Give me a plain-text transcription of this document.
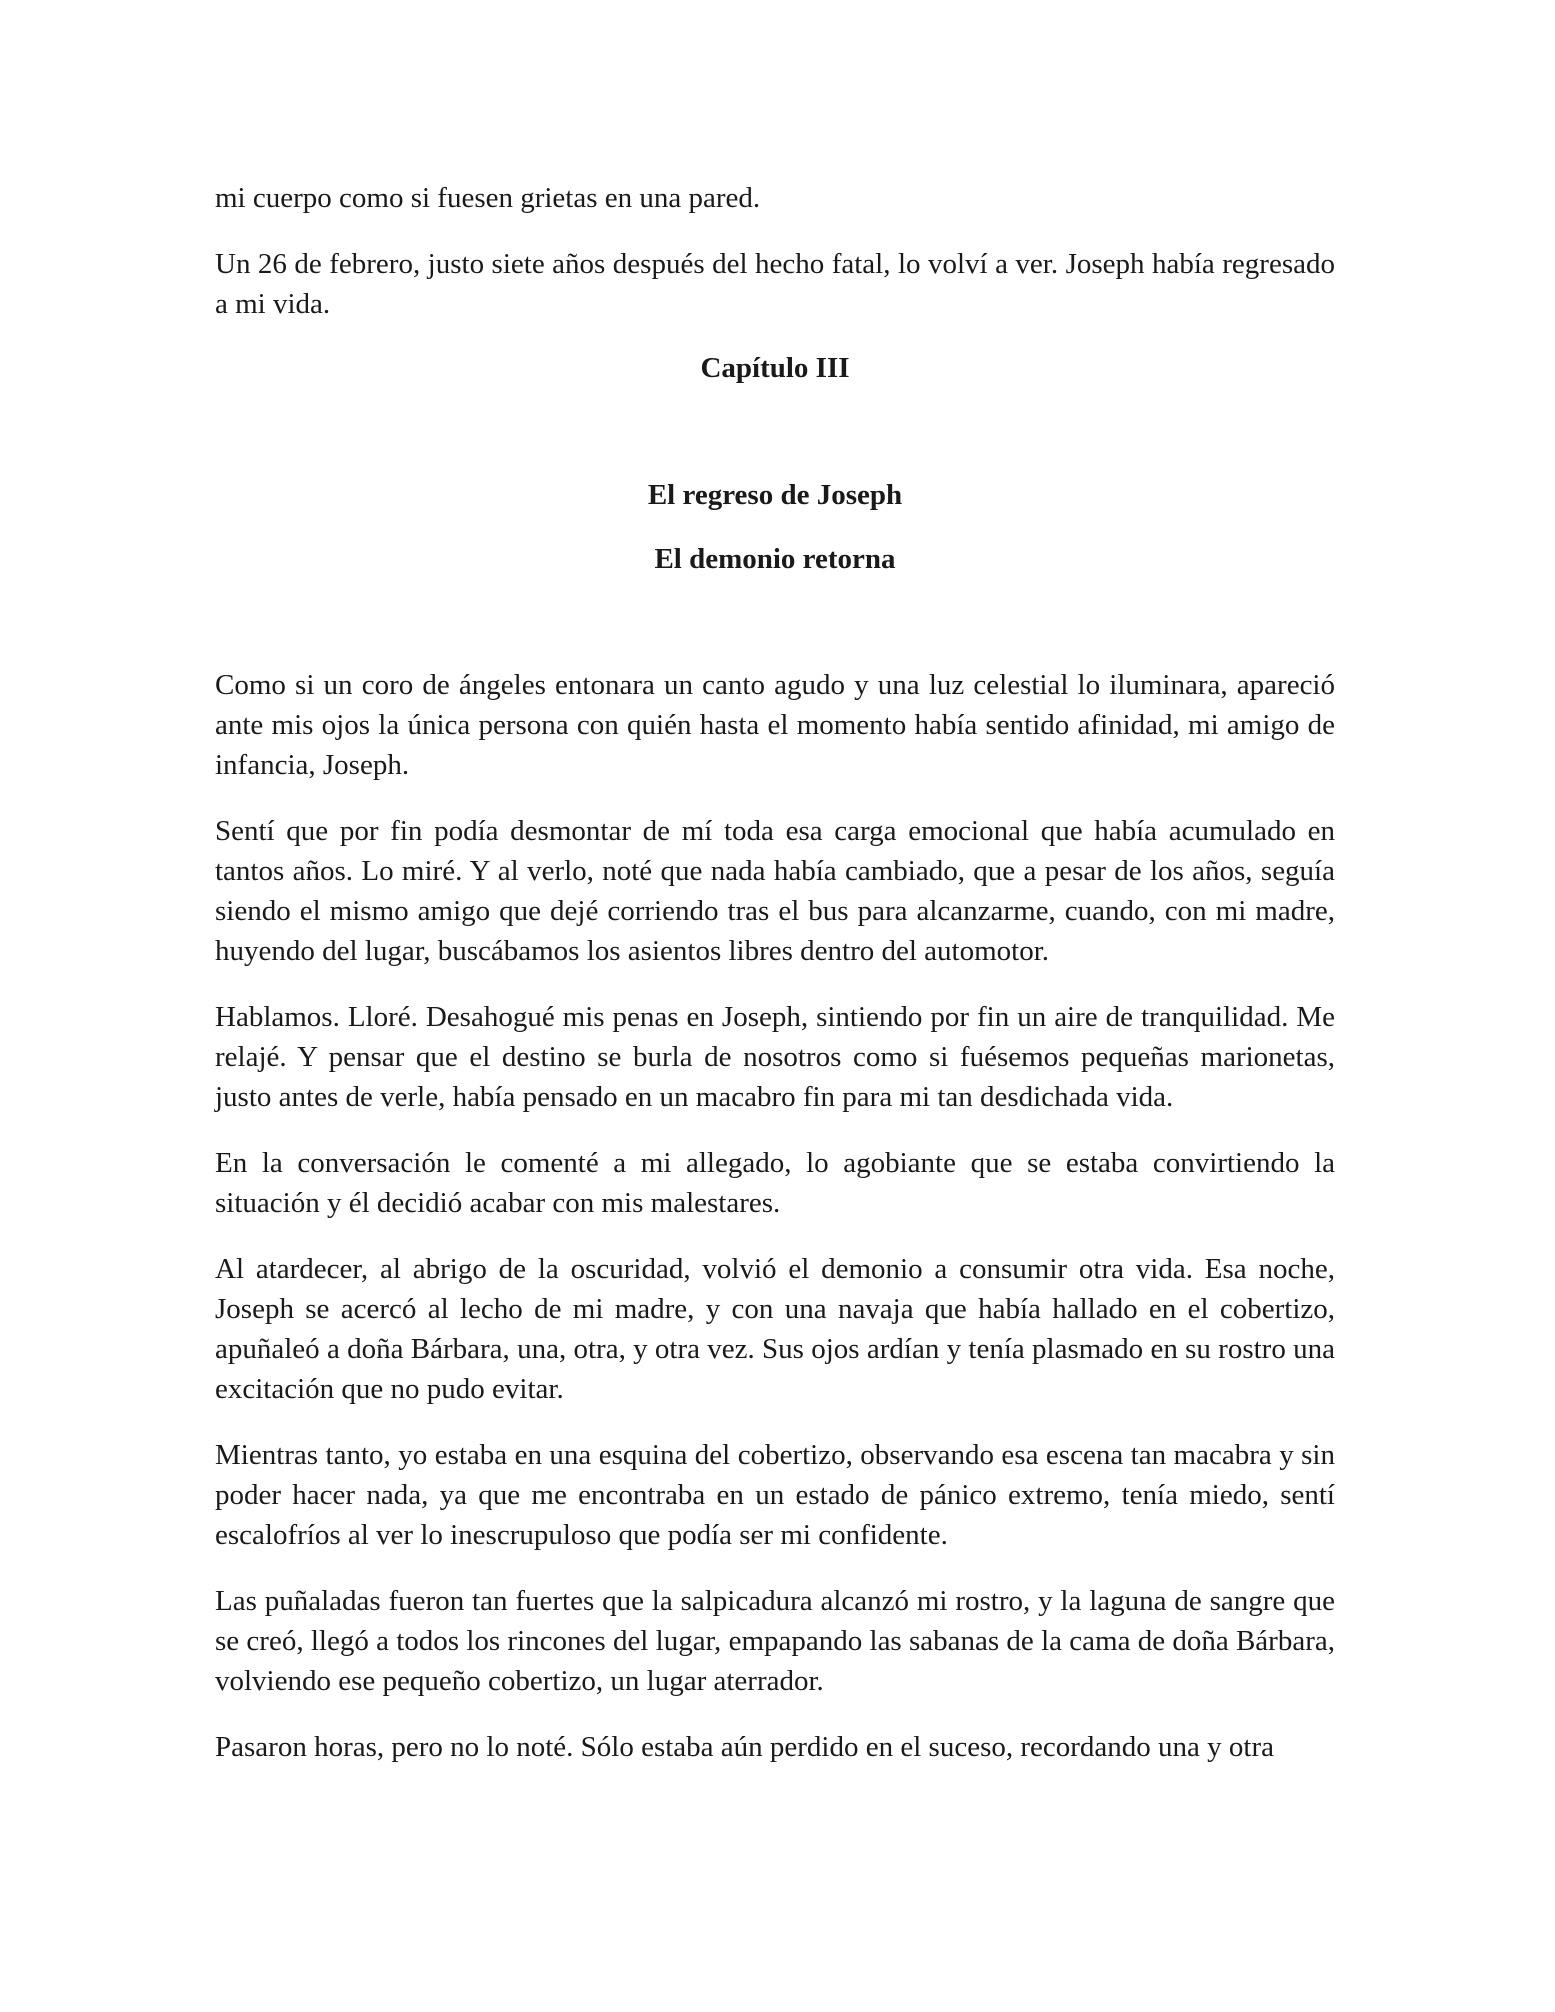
mi cuerpo como si fuesen grietas en una pared.

Un 26 de febrero, justo siete años después del hecho fatal, lo volví a ver. Joseph había regresado a mi vida.

Capítulo III
El regreso de Joseph
El demonio retorna

Como si un coro de ángeles entonara un canto agudo y una luz celestial lo iluminara, apareció ante mis ojos la única persona con quién hasta el momento había sentido afinidad, mi amigo de infancia, Joseph.

Sentí que por fin podía desmontar de mí toda esa carga emocional que había acumulado en tantos años. Lo miré. Y al verlo, noté que nada había cambiado, que a pesar de los años, seguía siendo el mismo amigo que dejé corriendo tras el bus para alcanzarme, cuando, con mi madre, huyendo del lugar, buscábamos los asientos libres dentro del automotor.

Hablamos. Lloré. Desahogué mis penas en Joseph, sintiendo por fin un aire de tranquilidad. Me relajé. Y pensar que el destino se burla de nosotros como si fuésemos pequeñas marionetas, justo antes de verle, había pensado en un macabro fin para mi tan desdichada vida.

En la conversación le comenté a mi allegado, lo agobiante que se estaba convirtiendo la situación y él decidió acabar con mis malestares.

Al atardecer, al abrigo de la oscuridad, volvió el demonio a consumir otra vida. Esa noche, Joseph se acercó al lecho de mi madre, y con una navaja que había hallado en el cobertizo, apuñaleó a doña Bárbara, una, otra, y otra vez. Sus ojos ardían y tenía plasmado en su rostro una excitación que no pudo evitar.

Mientras tanto, yo estaba en una esquina del cobertizo, observando esa escena tan macabra y sin poder hacer nada, ya que me encontraba en un estado de pánico extremo, tenía miedo, sentí escalofríos al ver lo inescrupuloso que podía ser mi confidente.

Las puñaladas fueron tan fuertes que la salpicadura alcanzó mi rostro, y la laguna de sangre que se creó, llegó a todos los rincones del lugar, empapando las sabanas de la cama de doña Bárbara, volviendo ese pequeño cobertizo, un lugar aterrador.

Pasaron horas, pero no lo noté. Sólo estaba aún perdido en el suceso, recordando una y otra
